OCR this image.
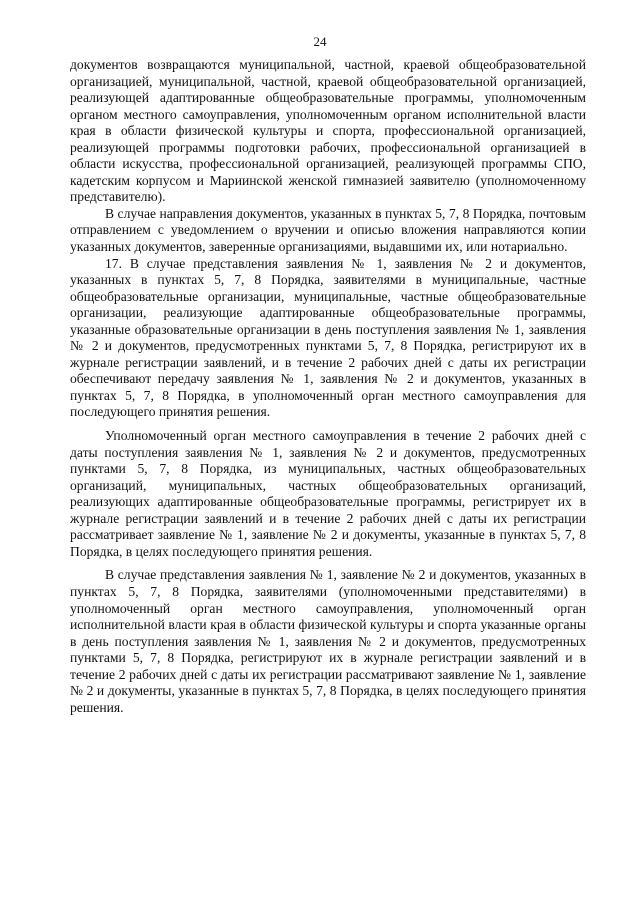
24

документов возвращаются муниципальной, частной, краевой общеобразовательной организацией, муниципальной, частной, краевой общеобразовательной организацией, реализующей адаптированные общеобразовательные программы, уполномоченным органом местного самоуправления, уполномоченным органом исполнительной власти края в области физической культуры и спорта, профессиональной организацией, реализующей программы подготовки рабочих, профессиональной организацией в области искусства, профессиональной организацией, реализующей программы СПО, кадетским корпусом и Мариинской женской гимназией заявителю (уполномоченному представителю).

В случае направления документов, указанных в пунктах 5, 7, 8 Порядка, почтовым отправлением с уведомлением о вручении и описью вложения направляются копии указанных документов, заверенные организациями, выдавшими их, или нотариально.

17. В случае представления заявления № 1, заявления № 2 и документов, указанных в пунктах 5, 7, 8 Порядка, заявителями в муниципальные, частные общеобразовательные организации, муниципальные, частные общеобразовательные организации, реализующие адаптированные общеобразовательные программы, указанные образовательные организации в день поступления заявления № 1, заявления № 2 и документов, предусмотренных пунктами 5, 7, 8 Порядка, регистрируют их в журнале регистрации заявлений, и в течение 2 рабочих дней с даты их регистрации обеспечивают передачу заявления № 1, заявления № 2 и документов, указанных в пунктах 5, 7, 8 Порядка, в уполномоченный орган местного самоуправления для последующего принятия решения.

Уполномоченный орган местного самоуправления в течение 2 рабочих дней с даты поступления заявления № 1, заявления № 2 и документов, предусмотренных пунктами 5, 7, 8 Порядка, из муниципальных, частных общеобразовательных организаций, муниципальных, частных общеобразовательных организаций, реализующих адаптированные общеобразовательные программы, регистрирует их в журнале регистрации заявлений и в течение 2 рабочих дней с даты их регистрации рассматривает заявление № 1, заявление № 2 и документы, указанные в пунктах 5, 7, 8 Порядка, в целях последующего принятия решения.

В случае представления заявления № 1, заявление № 2 и документов, указанных в пунктах 5, 7, 8 Порядка, заявителями (уполномоченными представителями) в уполномоченный орган местного самоуправления, уполномоченный орган исполнительной власти края в области физической культуры и спорта указанные органы в день поступления заявления № 1, заявления № 2 и документов, предусмотренных пунктами 5, 7, 8 Порядка, регистрируют их в журнале регистрации заявлений и в течение 2 рабочих дней с даты их регистрации рассматривают заявление № 1, заявление № 2 и документы, указанные в пунктах 5, 7, 8 Порядка, в целях последующего принятия решения.
